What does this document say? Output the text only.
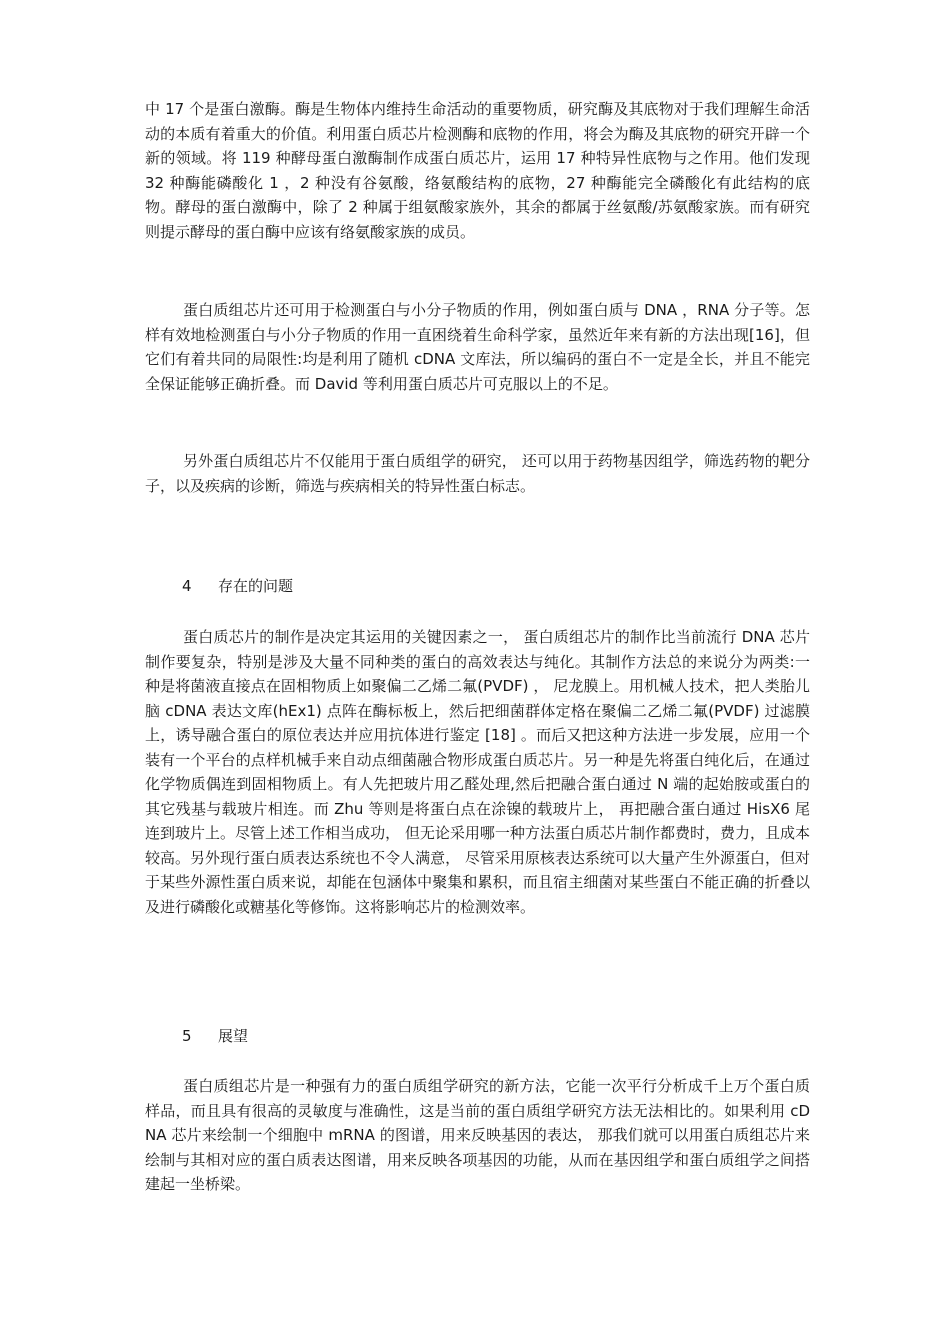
中 17 个是蛋白激酶。酶是生物体内维持生命活动的重要物质，研究酶及其底物对于我们理解生命活动的本质有着重大的价值。利用蛋白质芯片检测酶和底物的作用，将会为酶及其底物的研究开辟一个新的领域。将 119 种酵母蛋白激酶制作成蛋白质芯片，运用 17 种特异性底物与之作用。他们发现 32 种酶能磷酸化 1 ，2 种没有谷氨酸，络氨酸结构的底物，27 种酶能完全磷酸化有此结构的底物。酵母的蛋白激酶中，除了 2 种属于组氨酸家族外，其余的都属于丝氨酸/苏氨酸家族。而有研究则提示酵母的蛋白酶中应该有络氨酸家族的成员。

蛋白质组芯片还可用于检测蛋白与小分子物质的作用，例如蛋白质与 DNA ，RNA 分子等。怎样有效地检测蛋白与小分子物质的作用一直困绕着生命科学家，虽然近年来有新的方法出现[16]，但它们有着共同的局限性:均是利用了随机 cDNA 文库法，所以编码的蛋白不一定是全长，并且不能完全保证能够正确折叠。而 David 等利用蛋白质芯片可克服以上的不足。

另外蛋白质组芯片不仅能用于蛋白质组学的研究， 还可以用于药物基因组学，筛选药物的靶分子，以及疾病的诊断，筛选与疾病相关的特异性蛋白标志。

4 存在的问题

蛋白质芯片的制作是决定其运用的关键因素之一， 蛋白质组芯片的制作比当前流行 DNA 芯片制作要复杂，特别是涉及大量不同种类的蛋白的高效表达与纯化。其制作方法总的来说分为两类:一种是将菌液直接点在固相物质上如聚偏二乙烯二氟(PVDF) ， 尼龙膜上。用机械人技术，把人类胎儿脑 cDNA 表达文库(hEx1) 点阵在酶标板上，然后把细菌群体定格在聚偏二乙烯二氟(PVDF) 过滤膜上，诱导融合蛋白的原位表达并应用抗体进行鉴定 [18] 。而后又把这种方法进一步发展，应用一个装有一个平台的点样机械手来自动点细菌融合物形成蛋白质芯片。另一种是先将蛋白纯化后，在通过化学物质偶连到固相物质上。有人先把玻片用乙醛处理,然后把融合蛋白通过 N 端的起始胺或蛋白的其它残基与载玻片相连。而 Zhu 等则是将蛋白点在涂镍的载玻片上， 再把融合蛋白通过 HisX6 尾连到玻片上。尽管上述工作相当成功， 但无论采用哪一种方法蛋白质芯片制作都费时，费力，且成本较高。另外现行蛋白质表达系统也不令人满意， 尽管采用原核表达系统可以大量产生外源蛋白，但对于某些外源性蛋白质来说，却能在包涵体中聚集和累积，而且宿主细菌对某些蛋白不能正确的折叠以及进行磷酸化或糖基化等修饰。这将影响芯片的检测效率。

5 展望

蛋白质组芯片是一种强有力的蛋白质组学研究的新方法，它能一次平行分析成千上万个蛋白质样品，而且具有很高的灵敏度与准确性，这是当前的蛋白质组学研究方法无法相比的。如果利用 cDNA 芯片来绘制一个细胞中 mRNA 的图谱，用来反映基因的表达， 那我们就可以用蛋白质组芯片来绘制与其相对应的蛋白质表达图谱，用来反映各项基因的功能，从而在基因组学和蛋白质组学之间搭建起一坐桥梁。
